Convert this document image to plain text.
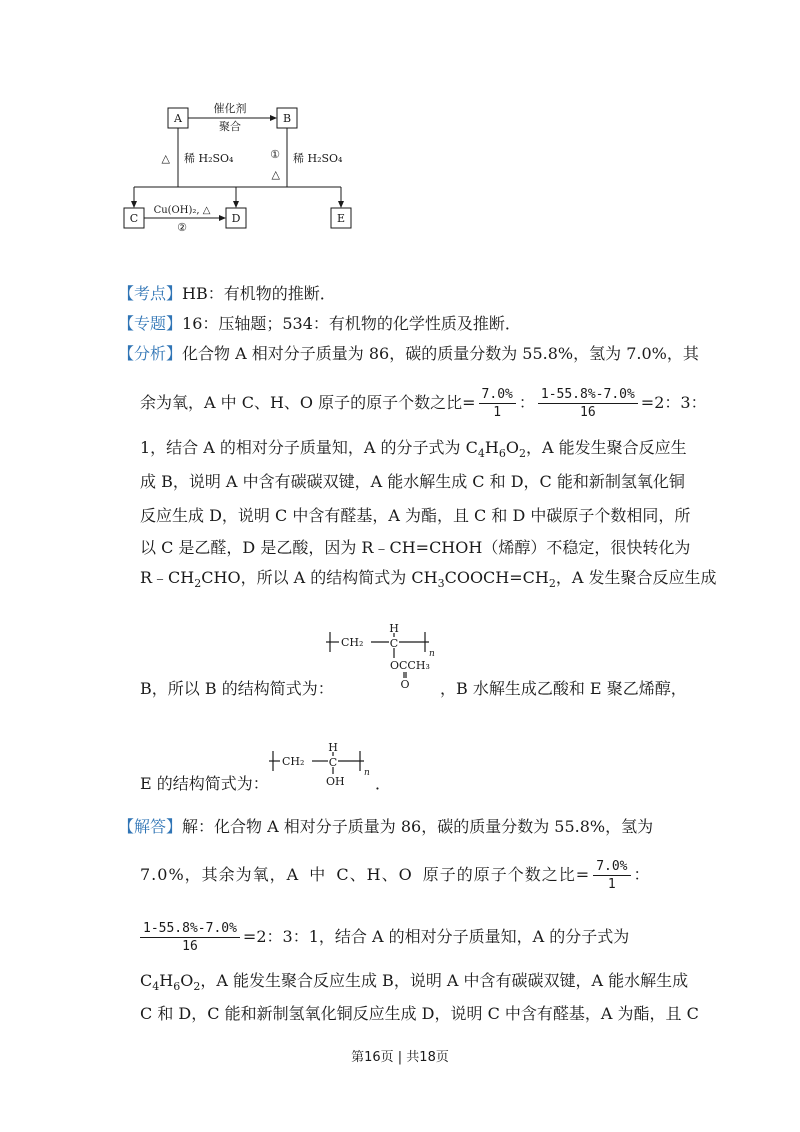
A	B
C	D	E
催化剂
聚合
△ 稀 H₂SO₄	①
△
稀 H₂SO₄
Cu(OH)₂, △
②
【考点】HB：有机物的推断．
【专题】16：压轴题；534：有机物的化学性质及推断．
【分析】化合物 A 相对分子质量为 86，碳的质量分数为 55.8%，氢为 7.0%，其
余为氧，A 中 C、H、O 原子的原子个数之比= $\frac{7.0\%}{1}$ ： $\frac{1-55.8\%-7.0\%}{16} =2$：3：
1，结合 A 的相对分子质量知，A 的分子式为 $C_4H_6O_2$，A 能发生聚合反应生
成 B，说明 A 中含有碳碳双键，A 能水解生成 C 和 D，C 能和新制氢氧化铜
反应生成 D，说明 C 中含有醛基，A 为酯，且 C 和 D 中碳原子个数相同，所
以 C 是乙醛，D 是乙酸，因为 R﹣CH=CHOH（烯醇）不稳定，很快转化为
$R﹣CH_2CHO$，所以 A 的结构简式为 $CH_3COOCH=CH_2$，A 发生聚合反应生成
CH₂
H
C
n
OCCH₃
O
B，所以 B 的结构简式为：	，B 水解生成乙酸和 E 聚乙烯醇，
CH₂
H
C
n
OH
E 的结构简式为：	．
【解答】解：化合物 A 相对分子质量为 86，碳的质量分数为 55.8%，氢为
7.0%，其余为氧，A 中 C、H、O 原子的原子个数之比= $\frac{7.0\%}{1}$ ：
$\frac{1-55.8\%-7.0\%}{16} =2$：3：1，结合 A 的相对分子质量知，A 的分子式为
$C_4H_6O_2$，A 能发生聚合反应生成 B，说明 A 中含有碳碳双键，A 能水解生成
C 和 D，C 能和新制氢氧化铜反应生成 D，说明 C 中含有醛基，A 为酯，且 C
第16页 | 共18页
